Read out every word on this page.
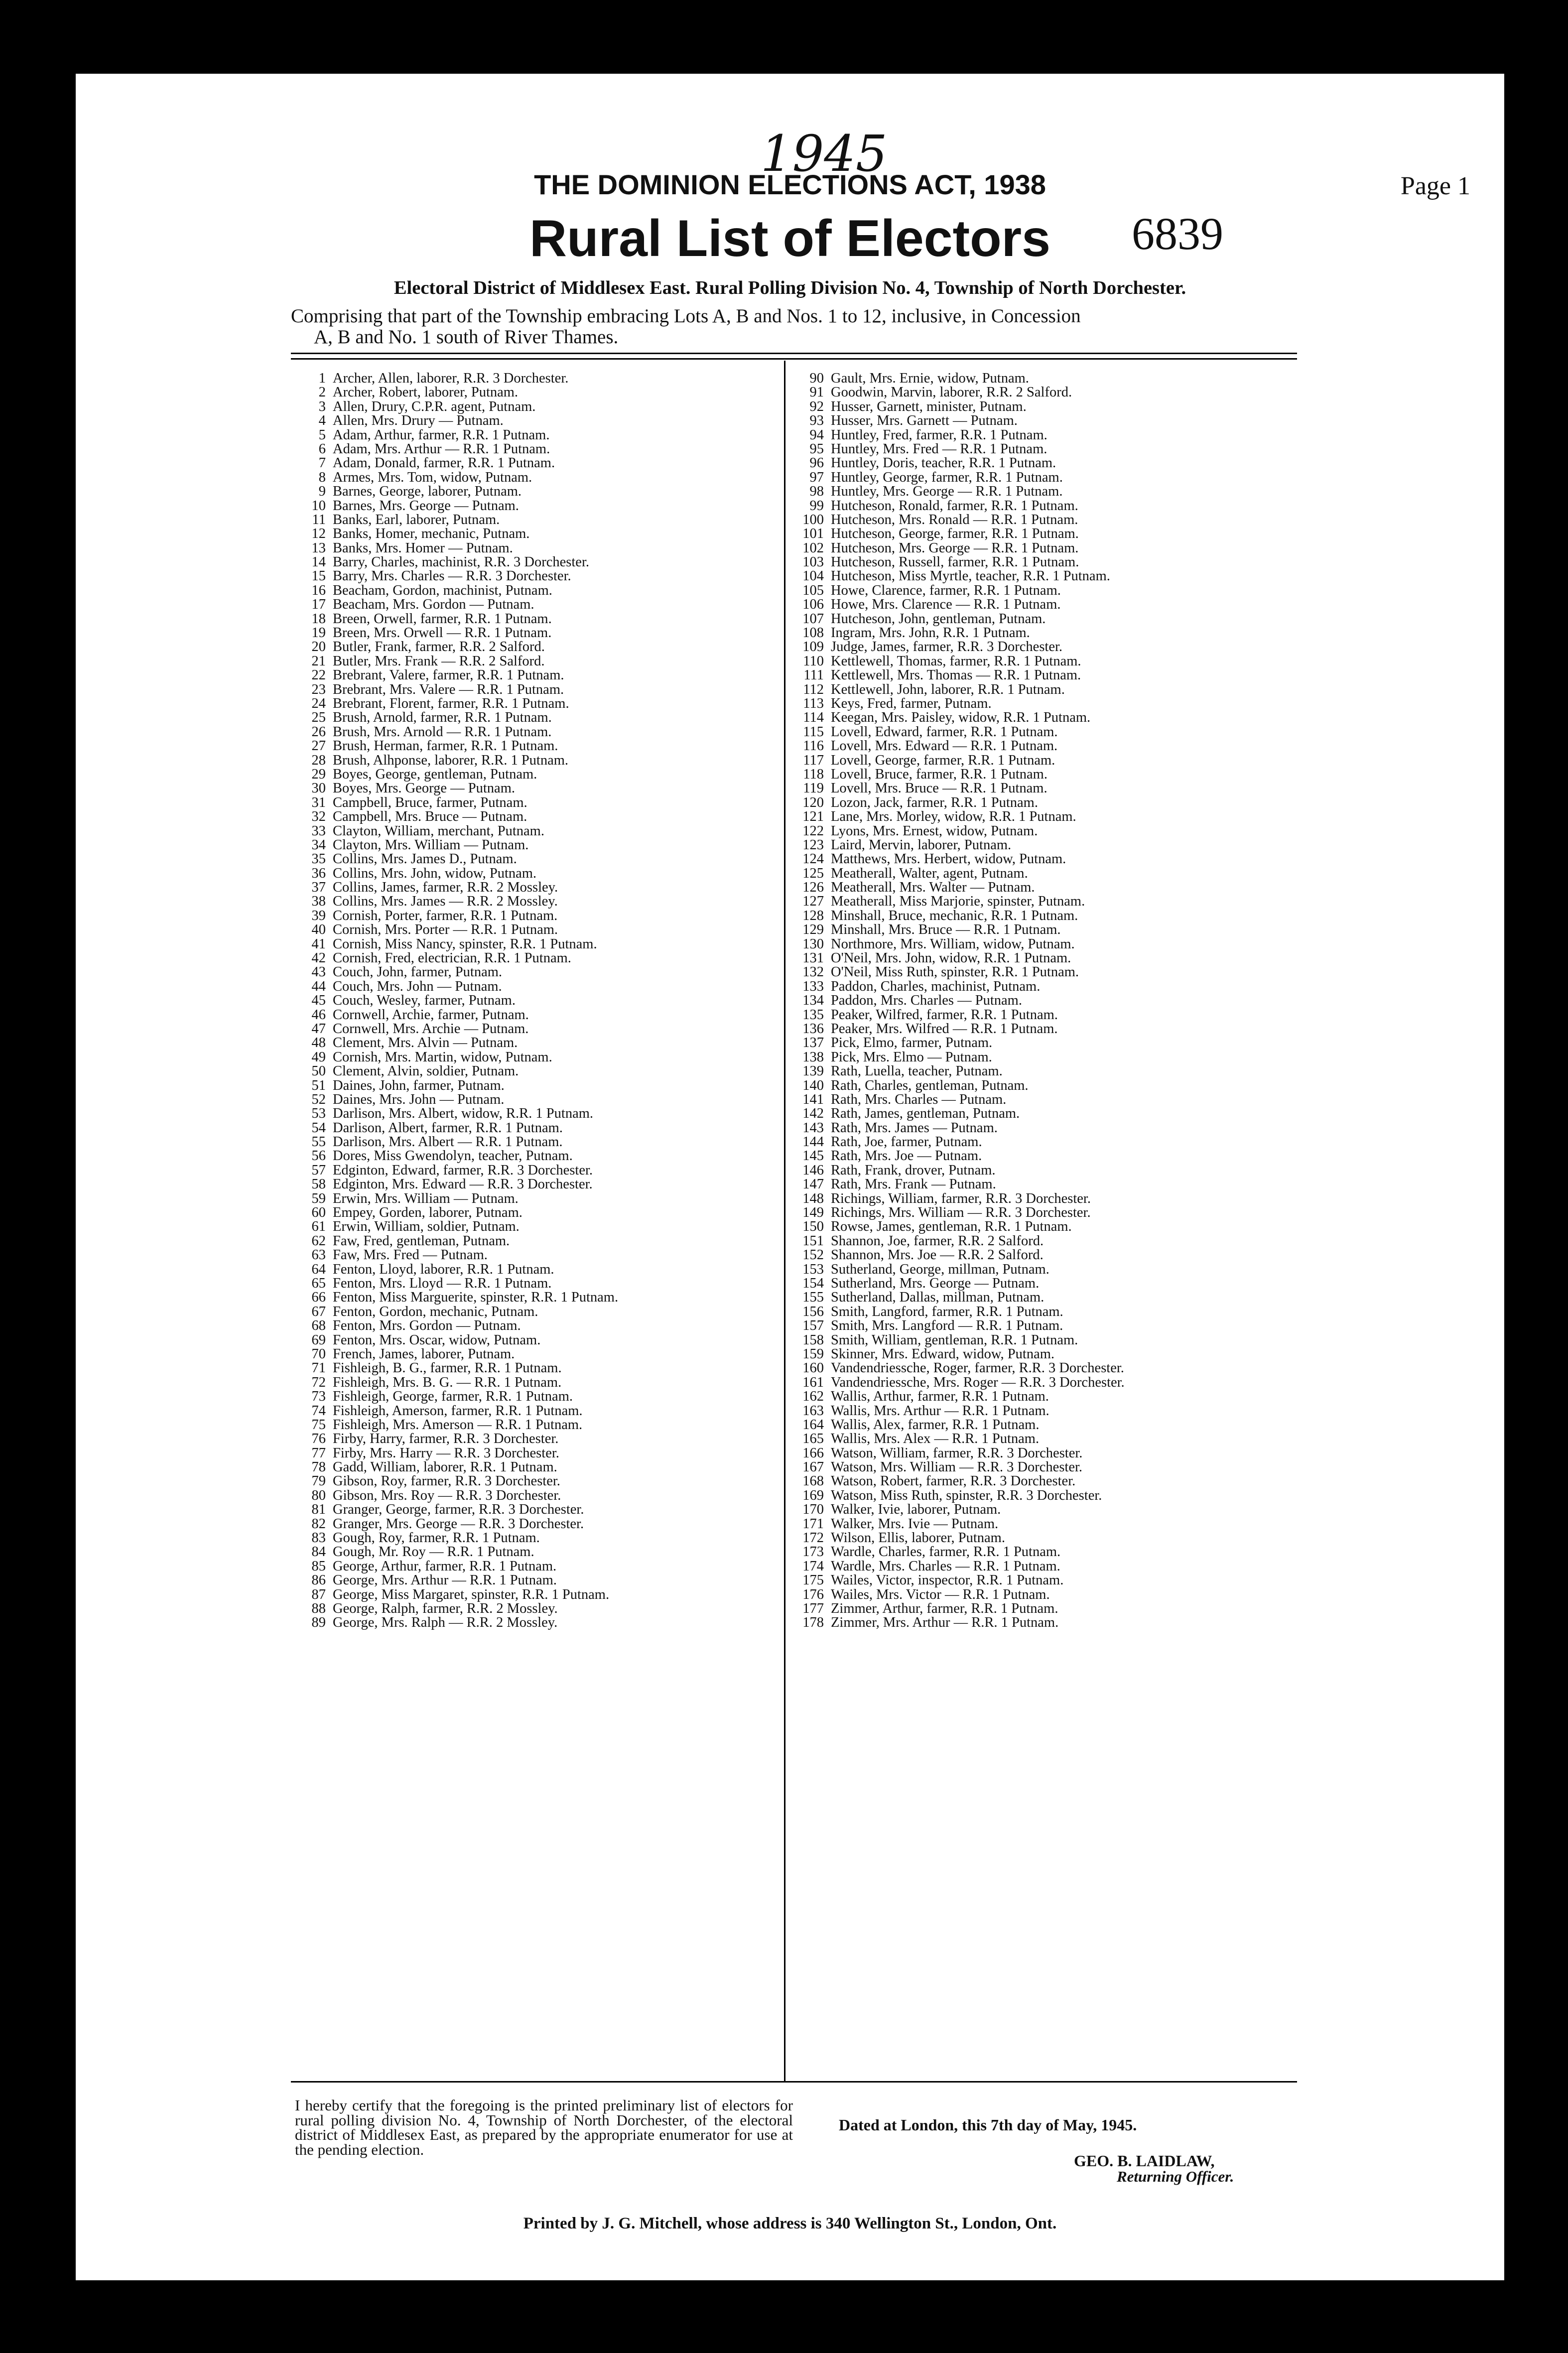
1945
THE DOMINION ELECTIONS ACT, 1938	Page 1
Rural List of Electors	6839
Electoral District of Middlesex East. Rural Polling Division No. 4, Township of North Dorchester.
Comprising that part of the Township embracing Lots A, B and Nos. 1 to 12, inclusive, in Concession
A, B and No. 1 south of River Thames.
1 Archer, Allen, laborer, R.R. 3 Dorchester.
2 Archer, Robert, laborer, Putnam.
3 Allen, Drury, C.P.R. agent, Putnam.
4 Allen, Mrs. Drury — Putnam.
5 Adam, Arthur, farmer, R.R. 1 Putnam.
6 Adam, Mrs. Arthur — R.R. 1 Putnam.
7 Adam, Donald, farmer, R.R. 1 Putnam.
8 Armes, Mrs. Tom, widow, Putnam.
9 Barnes, George, laborer, Putnam.
10 Barnes, Mrs. George — Putnam.
11 Banks, Earl, laborer, Putnam.
12 Banks, Homer, mechanic, Putnam.
13 Banks, Mrs. Homer — Putnam.
14 Barry, Charles, machinist, R.R. 3 Dorchester.
15 Barry, Mrs. Charles — R.R. 3 Dorchester.
16 Beacham, Gordon, machinist, Putnam.
17 Beacham, Mrs. Gordon — Putnam.
18 Breen, Orwell, farmer, R.R. 1 Putnam.
19 Breen, Mrs. Orwell — R.R. 1 Putnam.
20 Butler, Frank, farmer, R.R. 2 Salford.
21 Butler, Mrs. Frank — R.R. 2 Salford.
22 Brebrant, Valere, farmer, R.R. 1 Putnam.
23 Brebrant, Mrs. Valere — R.R. 1 Putnam.
24 Brebrant, Florent, farmer, R.R. 1 Putnam.
25 Brush, Arnold, farmer, R.R. 1 Putnam.
26 Brush, Mrs. Arnold — R.R. 1 Putnam.
27 Brush, Herman, farmer, R.R. 1 Putnam.
28 Brush, Alhponse, laborer, R.R. 1 Putnam.
29 Boyes, George, gentleman, Putnam.
30 Boyes, Mrs. George — Putnam.
31 Campbell, Bruce, farmer, Putnam.
32 Campbell, Mrs. Bruce — Putnam.
33 Clayton, William, merchant, Putnam.
34 Clayton, Mrs. William — Putnam.
35 Collins, Mrs. James D., Putnam.
36 Collins, Mrs. John, widow, Putnam.
37 Collins, James, farmer, R.R. 2 Mossley.
38 Collins, Mrs. James — R.R. 2 Mossley.
39 Cornish, Porter, farmer, R.R. 1 Putnam.
40 Cornish, Mrs. Porter — R.R. 1 Putnam.
41 Cornish, Miss Nancy, spinster, R.R. 1 Putnam.
42 Cornish, Fred, electrician, R.R. 1 Putnam.
43 Couch, John, farmer, Putnam.
44 Couch, Mrs. John — Putnam.
45 Couch, Wesley, farmer, Putnam.
46 Cornwell, Archie, farmer, Putnam.
47 Cornwell, Mrs. Archie — Putnam.
48 Clement, Mrs. Alvin — Putnam.
49 Cornish, Mrs. Martin, widow, Putnam.
50 Clement, Alvin, soldier, Putnam.
51 Daines, John, farmer, Putnam.
52 Daines, Mrs. John — Putnam.
53 Darlison, Mrs. Albert, widow, R.R. 1 Putnam.
54 Darlison, Albert, farmer, R.R. 1 Putnam.
55 Darlison, Mrs. Albert — R.R. 1 Putnam.
56 Dores, Miss Gwendolyn, teacher, Putnam.
57 Edginton, Edward, farmer, R.R. 3 Dorchester.
58 Edginton, Mrs. Edward — R.R. 3 Dorchester.
59 Erwin, Mrs. William — Putnam.
60 Empey, Gorden, laborer, Putnam.
61 Erwin, William, soldier, Putnam.
62 Faw, Fred, gentleman, Putnam.
63 Faw, Mrs. Fred — Putnam.
64 Fenton, Lloyd, laborer, R.R. 1 Putnam.
65 Fenton, Mrs. Lloyd — R.R. 1 Putnam.
66 Fenton, Miss Marguerite, spinster, R.R. 1 Putnam.
67 Fenton, Gordon, mechanic, Putnam.
68 Fenton, Mrs. Gordon — Putnam.
69 Fenton, Mrs. Oscar, widow, Putnam.
70 French, James, laborer, Putnam.
71 Fishleigh, B. G., farmer, R.R. 1 Putnam.
72 Fishleigh, Mrs. B. G. — R.R. 1 Putnam.
73 Fishleigh, George, farmer, R.R. 1 Putnam.
74 Fishleigh, Amerson, farmer, R.R. 1 Putnam.
75 Fishleigh, Mrs. Amerson — R.R. 1 Putnam.
76 Firby, Harry, farmer, R.R. 3 Dorchester.
77 Firby, Mrs. Harry — R.R. 3 Dorchester.
78 Gadd, William, laborer, R.R. 1 Putnam.
79 Gibson, Roy, farmer, R.R. 3 Dorchester.
80 Gibson, Mrs. Roy — R.R. 3 Dorchester.
81 Granger, George, farmer, R.R. 3 Dorchester.
82 Granger, Mrs. George — R.R. 3 Dorchester.
83 Gough, Roy, farmer, R.R. 1 Putnam.
84 Gough, Mr. Roy — R.R. 1 Putnam.
85 George, Arthur, farmer, R.R. 1 Putnam.
86 George, Mrs. Arthur — R.R. 1 Putnam.
87 George, Miss Margaret, spinster, R.R. 1 Putnam.
88 George, Ralph, farmer, R.R. 2 Mossley.
89 George, Mrs. Ralph — R.R. 2 Mossley.
90 Gault, Mrs. Ernie, widow, Putnam.
91 Goodwin, Marvin, laborer, R.R. 2 Salford.
92 Husser, Garnett, minister, Putnam.
93 Husser, Mrs. Garnett — Putnam.
94 Huntley, Fred, farmer, R.R. 1 Putnam.
95 Huntley, Mrs. Fred — R.R. 1 Putnam.
96 Huntley, Doris, teacher, R.R. 1 Putnam.
97 Huntley, George, farmer, R.R. 1 Putnam.
98 Huntley, Mrs. George — R.R. 1 Putnam.
99 Hutcheson, Ronald, farmer, R.R. 1 Putnam.
100 Hutcheson, Mrs. Ronald — R.R. 1 Putnam.
101 Hutcheson, George, farmer, R.R. 1 Putnam.
102 Hutcheson, Mrs. George — R.R. 1 Putnam.
103 Hutcheson, Russell, farmer, R.R. 1 Putnam.
104 Hutcheson, Miss Myrtle, teacher, R.R. 1 Putnam.
105 Howe, Clarence, farmer, R.R. 1 Putnam.
106 Howe, Mrs. Clarence — R.R. 1 Putnam.
107 Hutcheson, John, gentleman, Putnam.
108 Ingram, Mrs. John, R.R. 1 Putnam.
109 Judge, James, farmer, R.R. 3 Dorchester.
110 Kettlewell, Thomas, farmer, R.R. 1 Putnam.
111 Kettlewell, Mrs. Thomas — R.R. 1 Putnam.
112 Kettlewell, John, laborer, R.R. 1 Putnam.
113 Keys, Fred, farmer, Putnam.
114 Keegan, Mrs. Paisley, widow, R.R. 1 Putnam.
115 Lovell, Edward, farmer, R.R. 1 Putnam.
116 Lovell, Mrs. Edward — R.R. 1 Putnam.
117 Lovell, George, farmer, R.R. 1 Putnam.
118 Lovell, Bruce, farmer, R.R. 1 Putnam.
119 Lovell, Mrs. Bruce — R.R. 1 Putnam.
120 Lozon, Jack, farmer, R.R. 1 Putnam.
121 Lane, Mrs. Morley, widow, R.R. 1 Putnam.
122 Lyons, Mrs. Ernest, widow, Putnam.
123 Laird, Mervin, laborer, Putnam.
124 Matthews, Mrs. Herbert, widow, Putnam.
125 Meatherall, Walter, agent, Putnam.
126 Meatherall, Mrs. Walter — Putnam.
127 Meatherall, Miss Marjorie, spinster, Putnam.
128 Minshall, Bruce, mechanic, R.R. 1 Putnam.
129 Minshall, Mrs. Bruce — R.R. 1 Putnam.
130 Northmore, Mrs. William, widow, Putnam.
131 O'Neil, Mrs. John, widow, R.R. 1 Putnam.
132 O'Neil, Miss Ruth, spinster, R.R. 1 Putnam.
133 Paddon, Charles, machinist, Putnam.
134 Paddon, Mrs. Charles — Putnam.
135 Peaker, Wilfred, farmer, R.R. 1 Putnam.
136 Peaker, Mrs. Wilfred — R.R. 1 Putnam.
137 Pick, Elmo, farmer, Putnam.
138 Pick, Mrs. Elmo — Putnam.
139 Rath, Luella, teacher, Putnam.
140 Rath, Charles, gentleman, Putnam.
141 Rath, Mrs. Charles — Putnam.
142 Rath, James, gentleman, Putnam.
143 Rath, Mrs. James — Putnam.
144 Rath, Joe, farmer, Putnam.
145 Rath, Mrs. Joe — Putnam.
146 Rath, Frank, drover, Putnam.
147 Rath, Mrs. Frank — Putnam.
148 Richings, William, farmer, R.R. 3 Dorchester.
149 Richings, Mrs. William — R.R. 3 Dorchester.
150 Rowse, James, gentleman, R.R. 1 Putnam.
151 Shannon, Joe, farmer, R.R. 2 Salford.
152 Shannon, Mrs. Joe — R.R. 2 Salford.
153 Sutherland, George, millman, Putnam.
154 Sutherland, Mrs. George — Putnam.
155 Sutherland, Dallas, millman, Putnam.
156 Smith, Langford, farmer, R.R. 1 Putnam.
157 Smith, Mrs. Langford — R.R. 1 Putnam.
158 Smith, William, gentleman, R.R. 1 Putnam.
159 Skinner, Mrs. Edward, widow, Putnam.
160 Vandendriessche, Roger, farmer, R.R. 3 Dorchester.
161 Vandendriessche, Mrs. Roger — R.R. 3 Dorchester.
162 Wallis, Arthur, farmer, R.R. 1 Putnam.
163 Wallis, Mrs. Arthur — R.R. 1 Putnam.
164 Wallis, Alex, farmer, R.R. 1 Putnam.
165 Wallis, Mrs. Alex — R.R. 1 Putnam.
166 Watson, William, farmer, R.R. 3 Dorchester.
167 Watson, Mrs. William — R.R. 3 Dorchester.
168 Watson, Robert, farmer, R.R. 3 Dorchester.
169 Watson, Miss Ruth, spinster, R.R. 3 Dorchester.
170 Walker, Ivie, laborer, Putnam.
171 Walker, Mrs. Ivie — Putnam.
172 Wilson, Ellis, laborer, Putnam.
173 Wardle, Charles, farmer, R.R. 1 Putnam.
174 Wardle, Mrs. Charles — R.R. 1 Putnam.
175 Wailes, Victor, inspector, R.R. 1 Putnam.
176 Wailes, Mrs. Victor — R.R. 1 Putnam.
177 Zimmer, Arthur, farmer, R.R. 1 Putnam.
178 Zimmer, Mrs. Arthur — R.R. 1 Putnam.
I hereby certify that the foregoing is the printed preliminary list of electors for rural polling division No. 4, Township of North Dorchester, of the electoral district of Middlesex East, as prepared by the appropriate enumerator for use at the pending election.
Dated at London, this 7th day of May, 1945.
GEO. B. LAIDLAW,
Returning Officer.
Printed by J. G. Mitchell, whose address is 340 Wellington St., London, Ont.
